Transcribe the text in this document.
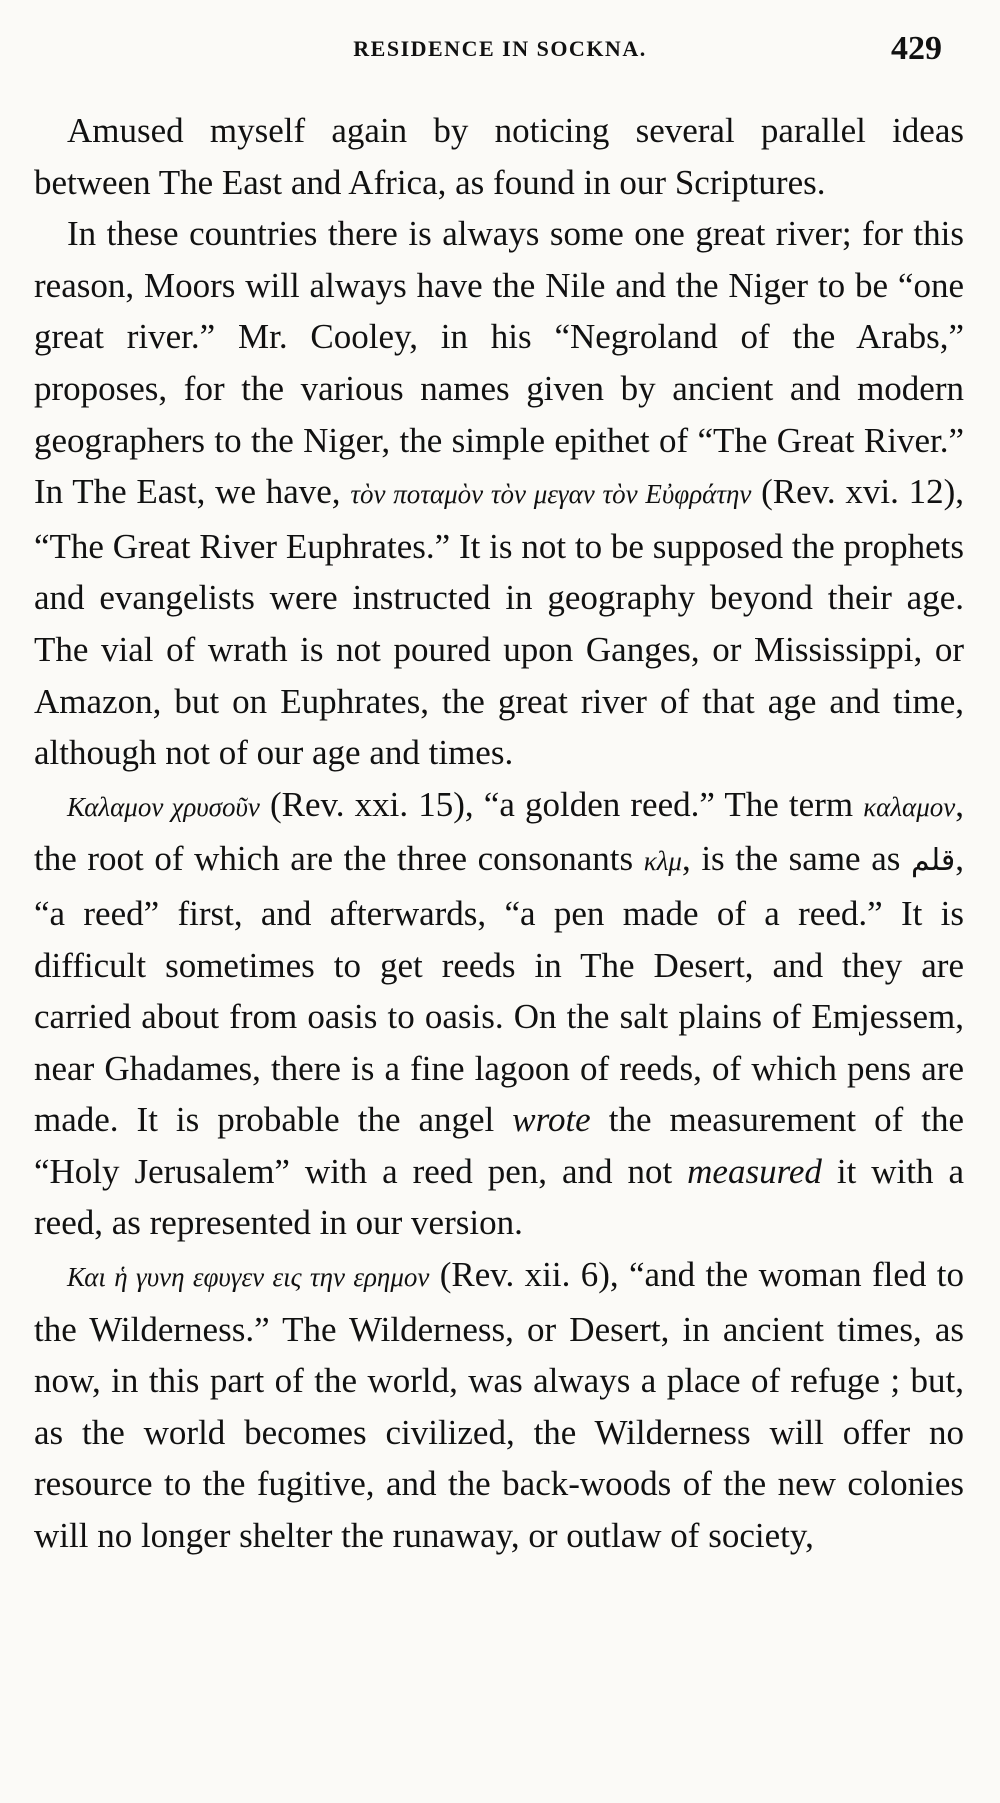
RESIDENCE IN SOCKNA.	429

Amused myself again by noticing several parallel ideas between The East and Africa, as found in our Scriptures.

In these countries there is always some one great river; for this reason, Moors will always have the Nile and the Niger to be “one great river.” Mr. Cooley, in his “Negroland of the Arabs,” proposes, for the various names given by ancient and modern geographers to the Niger, the simple epithet of “The Great River.” In The East, we have, τὸν ποταμὸν τὸν μεγαν τὸν Εὐφράτην (Rev. xvi. 12), “The Great River Euphrates.” It is not to be supposed the prophets and evangelists were instructed in geography beyond their age. The vial of wrath is not poured upon Ganges, or Mississippi, or Amazon, but on Euphrates, the great river of that age and time, although not of our age and times.

Καλαμον χρυσοῦν (Rev. xxi. 15), “a golden reed.” The term καλαμον, the root of which are the three consonants κλμ, is the same as قلم, “a reed” first, and afterwards, “a pen made of a reed.” It is difficult sometimes to get reeds in The Desert, and they are carried about from oasis to oasis. On the salt plains of Emjessem, near Ghadames, there is a fine lagoon of reeds, of which pens are made. It is probable the angel wrote the measurement of the “Holy Jerusalem” with a reed pen, and not measured it with a reed, as represented in our version.

Και ἡ γυνη εφυγεν εις την ερημον (Rev. xii. 6), “and the woman fled to the Wilderness.” The Wilderness, or Desert, in ancient times, as now, in this part of the world, was always a place of refuge ; but, as the world becomes civilized, the Wilderness will offer no resource to the fugitive, and the back-woods of the new colonies will no longer shelter the runaway, or outlaw of society,
